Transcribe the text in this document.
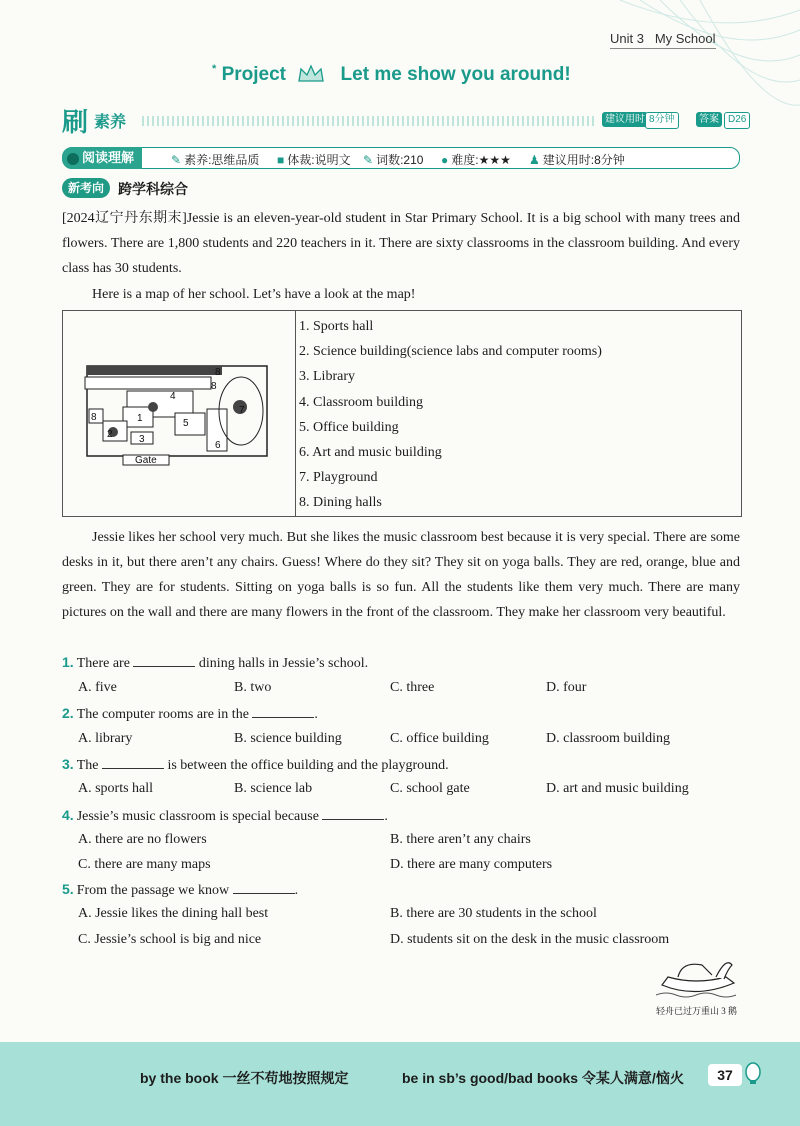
Unit 3 My School
* Project	Let me show you around!
刷 素养	建议用时 8分钟	答案 D26
阅读理解	✎ 素养:思维品质 ■ 体裁:说明文 ✎ 词数:210 ● 难度:★★★ ♟ 建议用时:8分钟
新考向	跨学科综合
[2024辽宁丹东期末]Jessie is an eleven-year-old student in Star Primary School. It is a big school with many trees and flowers. There are 1,800 students and 220 teachers in it. There are sixty classrooms in the classroom building. And every class has 30 students.
Here is a map of her school. Let’s have a look at the map!
8
8
4
7
5
1
6
8
2	3
Gate
1. Sports hall
2. Science building(science labs and computer rooms)
3. Library
4. Classroom building
5. Office building
6. Art and music building
7. Playground
8. Dining halls
Jessie likes her school very much. But she likes the music classroom best because it is very special. There are some desks in it, but there aren’t any chairs. Guess! Where do they sit? They sit on yoga balls. They are red, orange, blue and green. They are for students. Sitting on yoga balls is so fun. All the students like them very much. There are many pictures on the wall and there are many flowers in the front of the classroom. They make her classroom very beautiful.
1. There are	dining halls in Jessie’s school.
A. five	B. two	C. three	D. four
2. The computer rooms are in the	.
A. library	B. science building	C. office building	D. classroom building
3. The	is between the office building and the playground.
A. sports hall	B. science lab	C. school gate	D. art and music building
4. Jessie’s music classroom is special because	.
A. there are no flowers	B. there aren’t any chairs
C. there are many maps	D. there are many computers
5. From the passage we know	.
A. Jessie likes the dining hall best	B. there are 30 students in the school
C. Jessie’s school is big and nice	D. students sit on the desk in the music classroom
轻舟已过万重山 3 鹅
by the book 一丝不苟地按照规定	be in sb’s good/bad books 令某人满意/恼火	37
